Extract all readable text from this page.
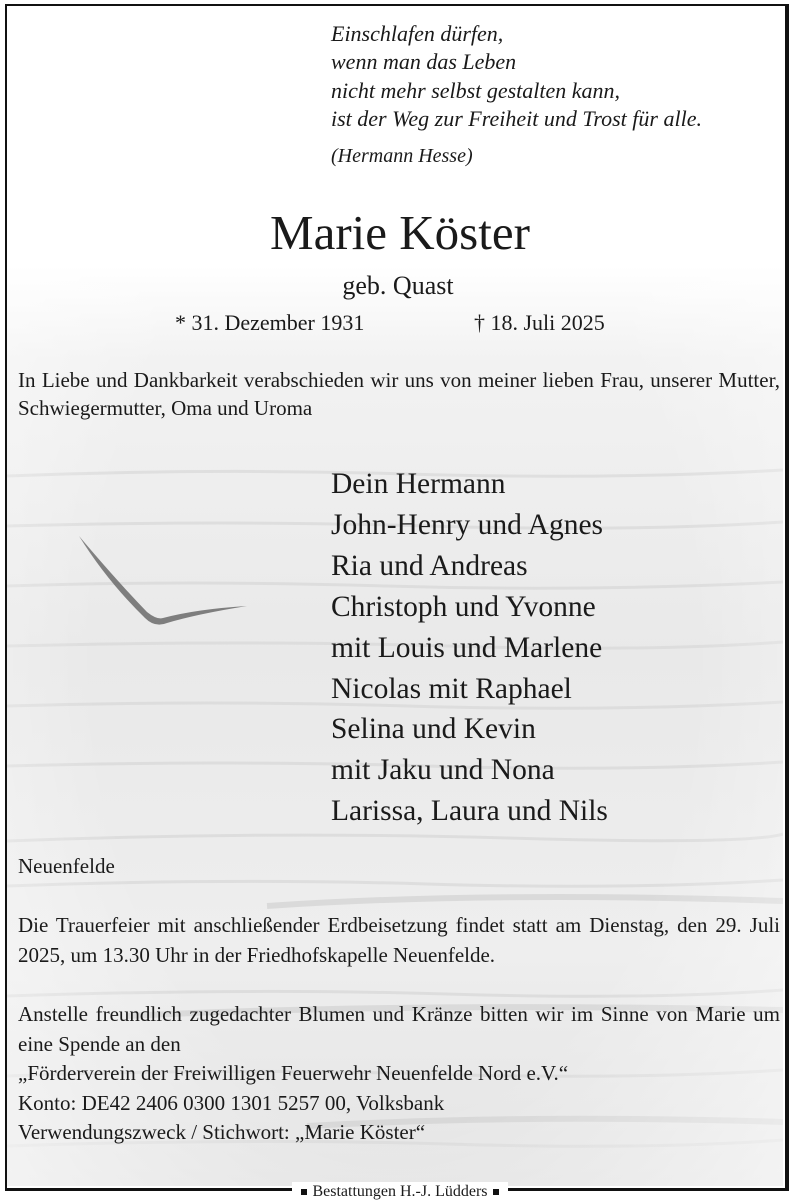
Einschlafen dürfen,
wenn man das Leben
nicht mehr selbst gestalten kann,
ist der Weg zur Freiheit und Trost für alle.
(Hermann Hesse)
Marie Köster
geb. Quast
* 31. Dezember 1931	† 18. Juli 2025
In Liebe und Dankbarkeit verabschieden wir uns von meiner lieben Frau, unserer Mutter, Schwiegermutter, Oma und Uroma
Dein Hermann
John-Henry und Agnes
Ria und Andreas
Christoph und Yvonne
mit Louis und Marlene
Nicolas mit Raphael
Selina und Kevin
mit Jaku und Nona
Larissa, Laura und Nils
Neuenfelde
Die Trauerfeier mit anschließender Erdbeisetzung findet statt am Dienstag, den 29. Juli 2025, um 13.30 Uhr in der Friedhofskapelle Neuenfelde.
Anstelle freundlich zugedachter Blumen und Kränze bitten wir im Sinne von Marie um eine Spende an den
„Förderverein der Freiwilligen Feuerwehr Neuenfelde Nord e.V.“
Konto: DE42 2406 0300 1301 5257 00, Volksbank
Verwendungszweck / Stichwort: „Marie Köster“
Bestattungen H.-J. Lüdders
